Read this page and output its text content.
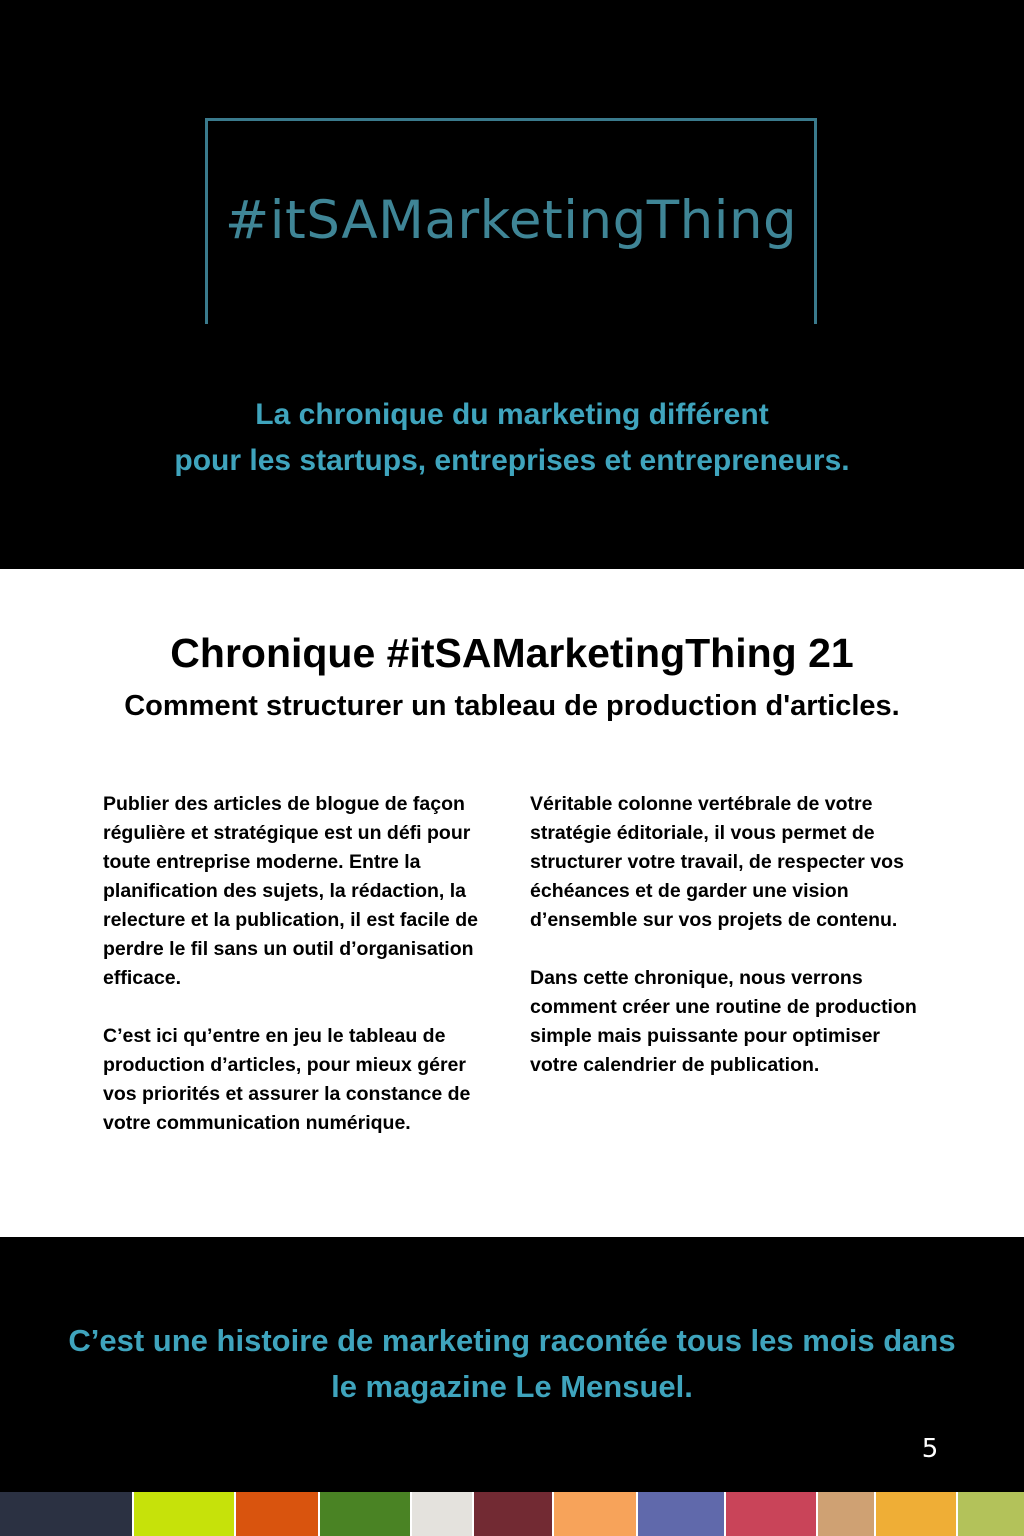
#itSAMarketingThing
La chronique du marketing différent
pour les startups, entreprises et entrepreneurs.
Chronique #itSAMarketingThing 21
Comment structurer un tableau de production d'articles.

Publier des articles de blogue de façon régulière et stratégique est un défi pour toute entreprise moderne. Entre la planification des sujets, la rédaction, la relecture et la publication, il est facile de perdre le fil sans un outil d’organisation efficace.

C’est ici qu’entre en jeu le tableau de production d’articles, pour mieux gérer vos priorités et assurer la constance de votre communication numérique.

Véritable colonne vertébrale de votre stratégie éditoriale, il vous permet de structurer votre travail, de respecter vos échéances et de garder une vision d’ensemble sur vos projets de contenu.

Dans cette chronique, nous verrons comment créer une routine de production simple mais puissante pour optimiser votre calendrier de publication.

C’est une histoire de marketing racontée tous les mois dans
le magazine Le Mensuel.
5
